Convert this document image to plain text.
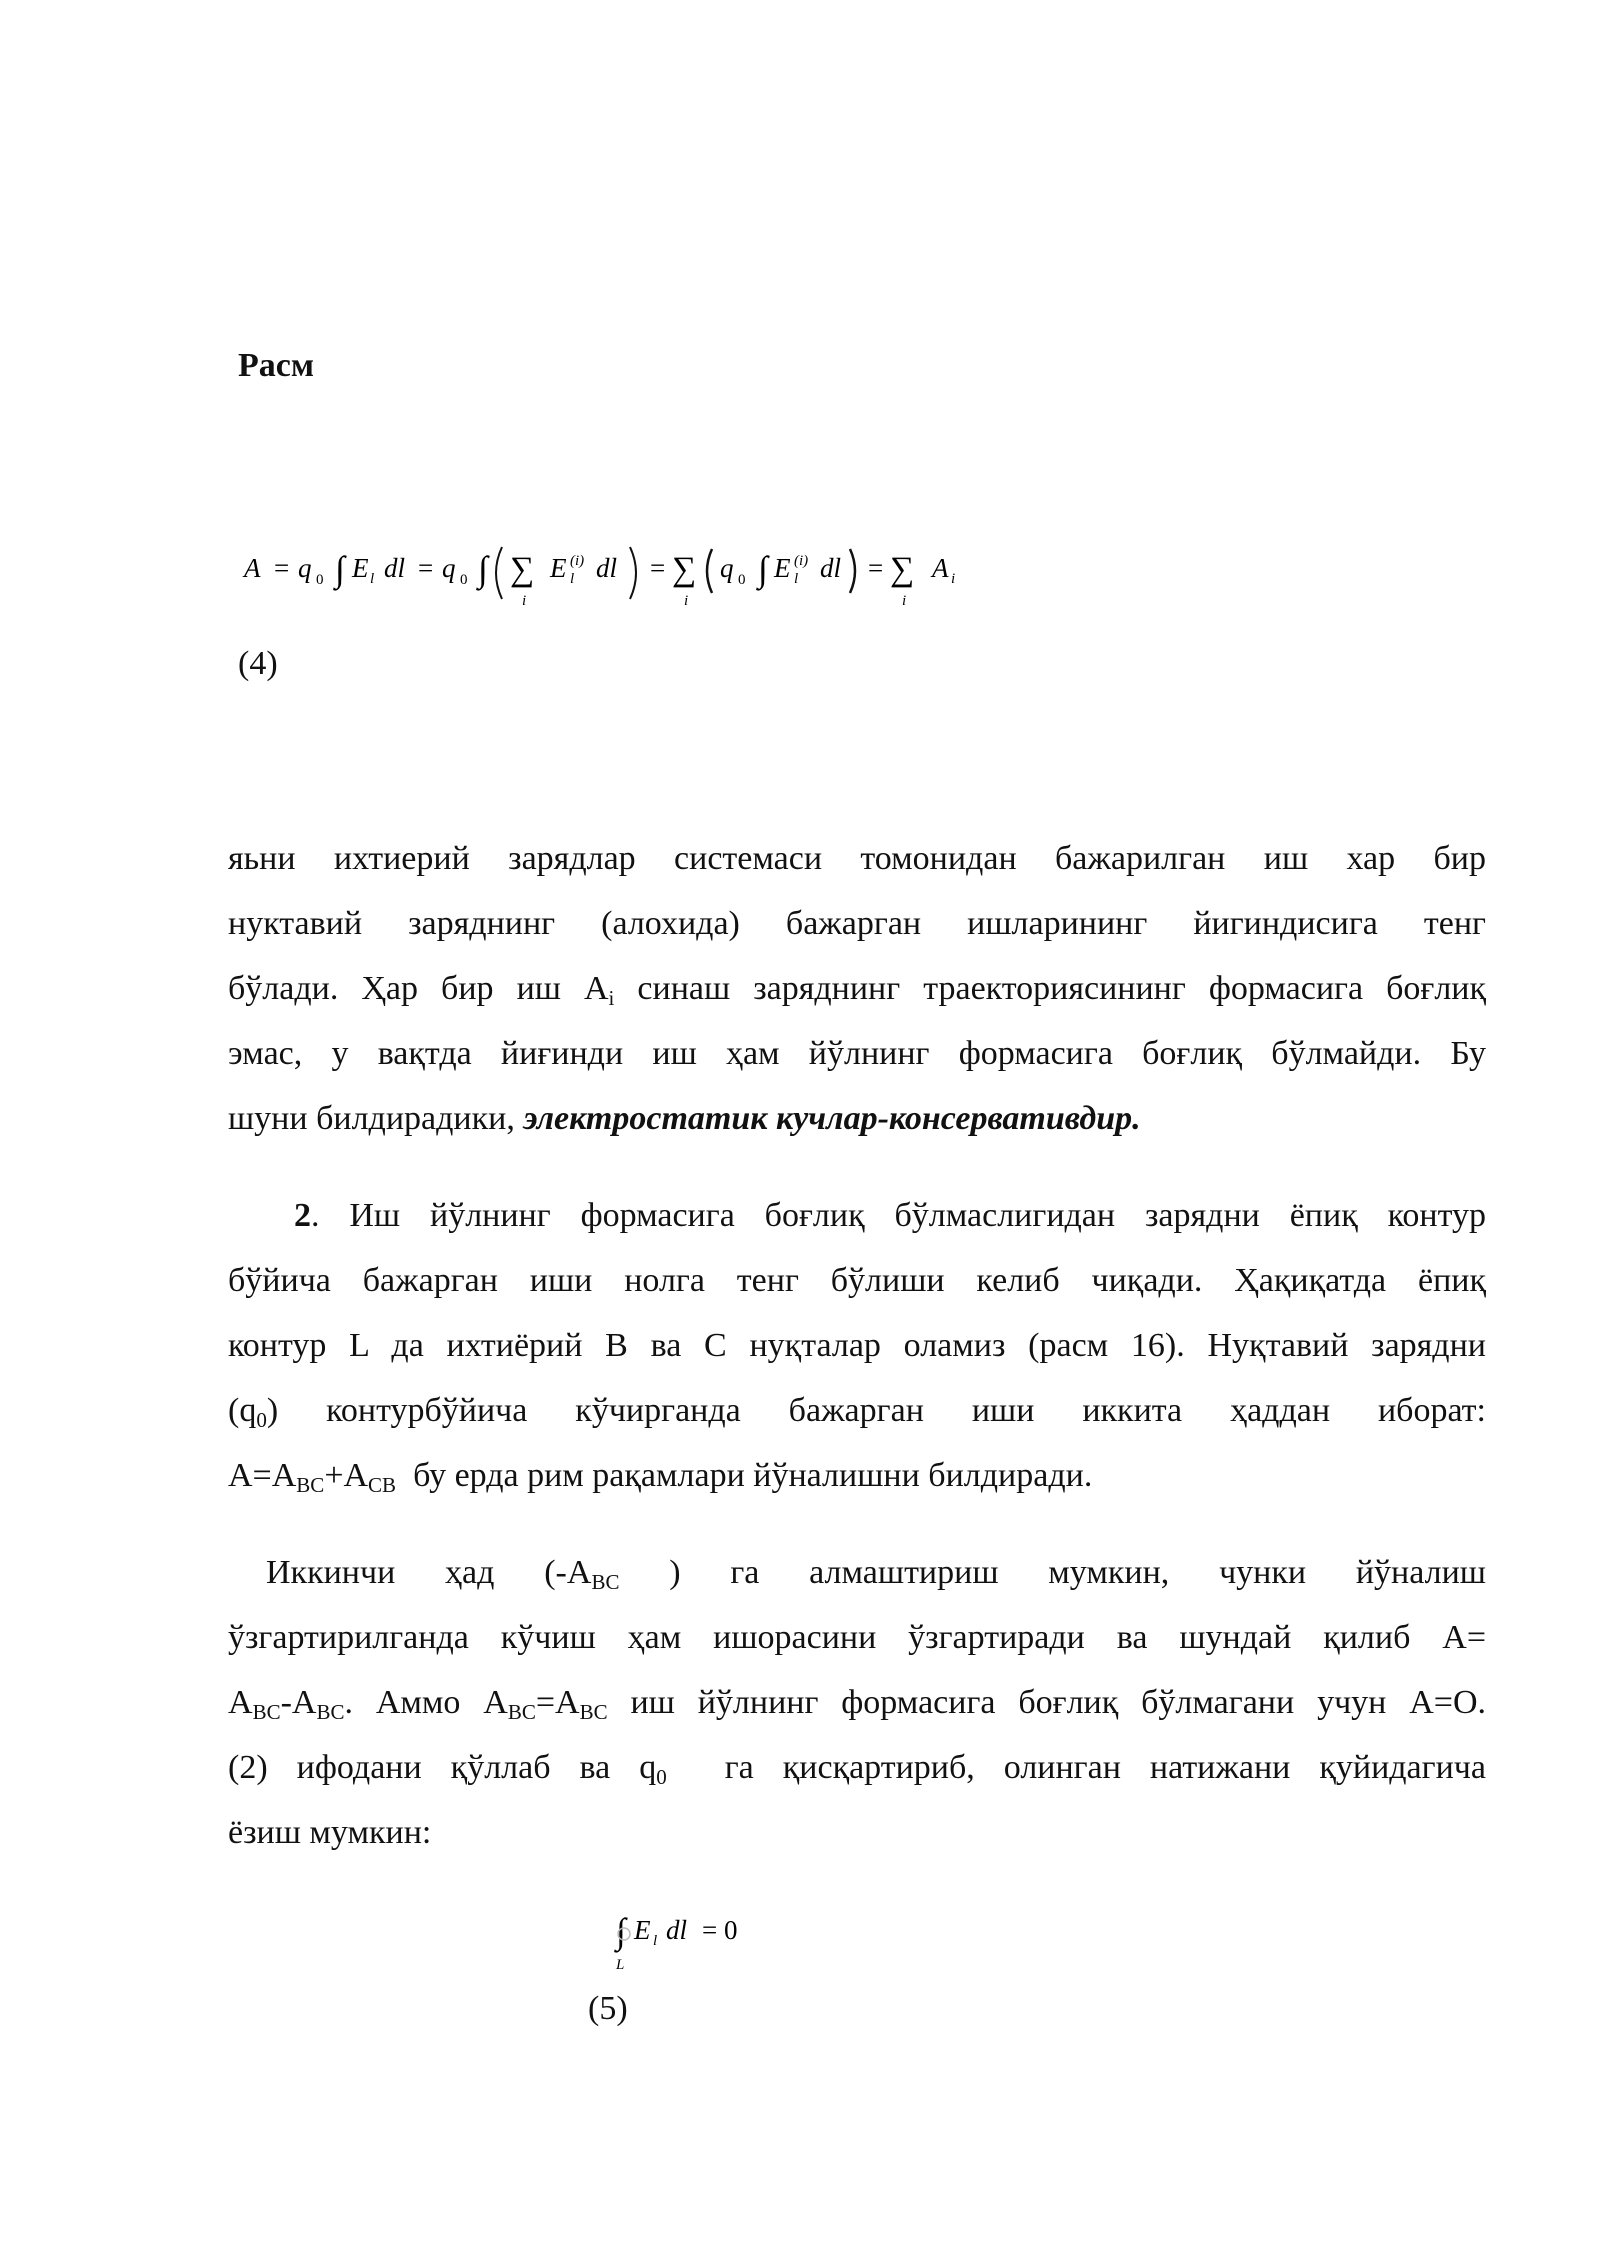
Расм
A = q 0 ∫ E l dl = q 0 ∫ ∑
i
E (i)
l dl = ∑
i
q 0 ∫ E (i)
l dl = ∑
i
A i
(4)
яьни ихтиерий зарядлар системаси томонидан бажарилган иш хар бир
нуктавий заряднинг (алохида) бажарган ишларининг йигиндисига тенг
бўлади. Ҳар бир иш $A_i$ синаш заряднинг траекториясининг формасига боғлиқ
эмас, у вақтда йиғинди иш ҳам йўлнинг формасига боғлиқ бўлмайди. Бу
шуни билдирадики, электростатик кучлар-консервативдир.
2. Иш йўлнинг формасига боғлиқ бўлмаслигидан зарядни ёпиқ контур
бўйича бажарган иши нолга тенг бўлиши келиб чиқади. Ҳақиқатда ёпиқ
контур L да ихтиёрий B ва C нуқталар оламиз (расм 16). Нуқтавий зарядни
$(q_0)$ контурбўйича кўчирганда бажарган иши иккита ҳаддан иборат:
$A=A_{BC}+A_{CB}$  бу ерда рим рақамлари йўналишни билдиради.
Иккинчи ҳад ($-A_{BC}$ ) га алмаштириш мумкин, чунки йўналиш
ўзгартирилганда кўчиш ҳам ишорасини ўзгартиради ва шундай қилиб A=
$A_{BC}-A_{BC}$. Аммо $A_{BC}=A_{BC}$ иш йўлнинг формасига боғлиқ бўлмагани учун A=O.
(2) ифодани қўллаб ва $q_0$  га қисқартириб, олинган натижани қуйидагича
ёзиш мумкин:
∫
L
E l dl = 0
(5)
